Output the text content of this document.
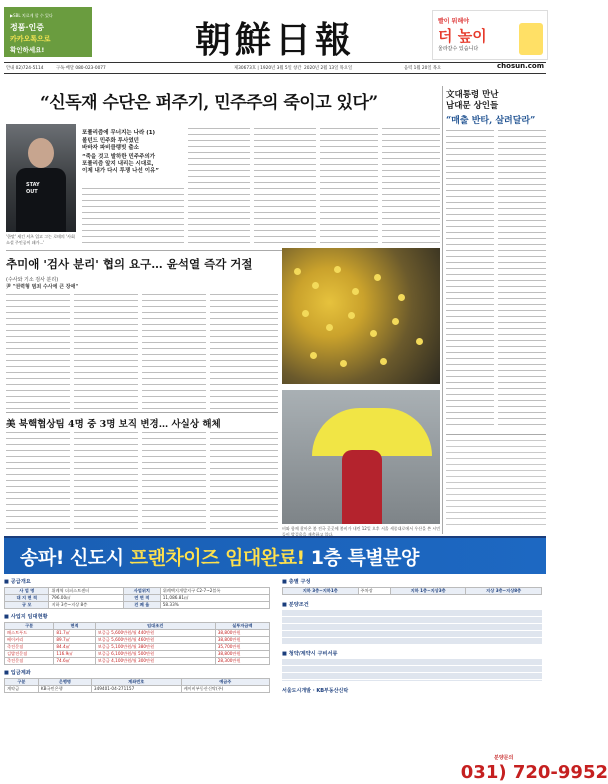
▶SBL 치료게 할 수 있다
정품·인증
카카오톡으로
확인하세요!	朝鮮日報	빨이 뭐해야
더 높이
울라갈수 있습니다
안내 02)724-5114	구독·배달 080-023-0077	제30673호 | 1920년 3월 5일 창간 2020년 2월 13일 목요일	음력 1월 20일 목요	chosun.com
“신독재 수단은 퍼주기, 민주주의 죽이고 있다”
STAY
OUT
'한말' 새긴 셔츠 입고 그는 로테의 '사회 소설 주인공이 돼가...'
포퓰리즘에 무너지는 나라 (1)
볼턴드 민주화 투사였던
바바자 파비클랭빗 출소
“죽을 것고 발하한 민주주의가
포퓰리즘 앞지 내리는 시대로,
이제 내가 다시 투쟁 나선 이유”
文대통령 만난
남대문 상인들
“매출 반타, 살려달라”
추미애 '검사 분리' 협의 요구… 윤석열 즉각 거절
(수사와 기소 검사 분리)
尹 "권력형 범죄 수사에 큰 장애"
美 북핵협상팀 4명 중 3명 보직 변경… 사실상 해체
비와 함께 찾아온 봄 전국 곳곳에 봄비가 내린 12일 오후 서울 세종대로에서 우산을 쓴 시민들이 발걸음을 재촉하고 있다.
송파! 신도시 프랜차이즈 임대완료! 1층 특별분양
■ 공급개요
사 업 명	위례역 더퍼스트센터	사업위치	위례택지개발지구 C2-7~2블록
대 지 면 적	796.00㎡	연 면 적	11,086.81㎡
규 모	지하 3층~지상 8층	건 폐 율	58.33%
■ 사업지 임대현황
구분	면적	임대조건	실투자금액
패스트푸드	81.7㎡	보증금 5,600만원/월 440만원	38,800만원
베이커리	89.7㎡	보증금 5,600만원/월 460만원	38,800만원
죽전문점	84.4㎡	보증금 5,100만원/월 380만원	35,700만원
김밥전문점	116.9㎡	보증금 6,100만원/월 500만원	38,800만원
죽전문점	74.6㎡	보증금 4,100만원/월 300만원	28,300만원
■ 입금계좌
구분	은행명	계좌번호	예금주
계약금	KB국민은행	349401-04-271157	케이비부동산신탁(주)
■ 층별 구성
지하 3층~지하1층	주차장	지하 1층~지상3층	지상 3층~지상8층
■ 분양조건
■ 청약/계약시 구비서류
서울도시개발 · KB부동산신탁
분양문의
031) 720-9952
